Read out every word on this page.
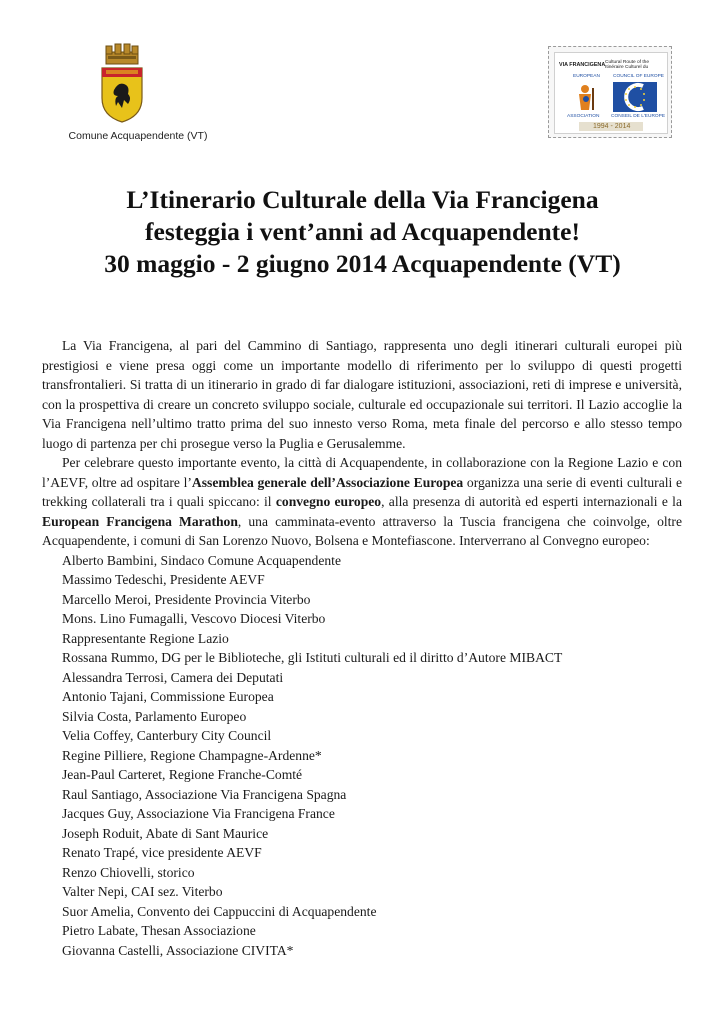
Comune Acquapendente (VT)
VIA FRANCIGENA Cultural Route of the
Itinéraire Culturel du
EUROPEAN	COUNCIL OF EUROPE
ASSOCIATION CONSEIL DE L'EUROPE
1994 - 2014
L’Itinerario Culturale della Via Francigena
festeggia i vent’anni ad Acquapendente!
30 maggio - 2 giugno 2014 Acquapendente (VT)

La Via Francigena, al pari del Cammino di Santiago, rappresenta uno degli itinerari culturali europei più prestigiosi e viene presa oggi come un importante modello di riferimento per lo sviluppo di questi progetti transfrontalieri. Si tratta di un itinerario in grado di far dialogare istituzioni, associazioni, reti di imprese e università, con la prospettiva di creare un concreto sviluppo sociale, culturale ed occupazionale sui territori. Il Lazio accoglie la Via Francigena nell’ultimo tratto prima del suo innesto verso Roma, meta finale del percorso e allo stesso tempo luogo di partenza per chi prosegue verso la Puglia e Gerusalemme.

Per celebrare questo importante evento, la città di Acquapendente, in collaborazione con la Regione Lazio e con l’AEVF, oltre ad ospitare l’Assemblea generale dell’Associazione Europea organizza una serie di eventi culturali e trekking collaterali tra i quali spiccano: il convegno europeo, alla presenza di autorità ed esperti internazionali e la European Francigena Marathon, una camminata-evento attraverso la Tuscia francigena che coinvolge, oltre Acquapendente, i comuni di San Lorenzo Nuovo, Bolsena e Montefiascone. Interverrano al Convegno europeo:

Alberto Bambini, Sindaco Comune Acquapendente
Massimo Tedeschi, Presidente AEVF
Marcello Meroi, Presidente Provincia Viterbo
Mons. Lino Fumagalli, Vescovo Diocesi Viterbo
Rappresentante Regione Lazio
Rossana Rummo, DG per le Biblioteche, gli Istituti culturali ed il diritto d’Autore MIBACT
Alessandra Terrosi, Camera dei Deputati
Antonio Tajani, Commissione Europea
Silvia Costa, Parlamento Europeo
Velia Coffey, Canterbury City Council
Regine Pilliere, Regione Champagne-Ardenne*
Jean-Paul Carteret, Regione Franche-Comté
Raul Santiago, Associazione Via Francigena Spagna
Jacques Guy, Associazione Via Francigena France
Joseph Roduit, Abate di Sant Maurice
Renato Trapé, vice presidente AEVF
Renzo Chiovelli, storico
Valter Nepi, CAI sez. Viterbo
Suor Amelia, Convento dei Cappuccini di Acquapendente
Pietro Labate, Thesan Associazione
Giovanna Castelli, Associazione CIVITA*
